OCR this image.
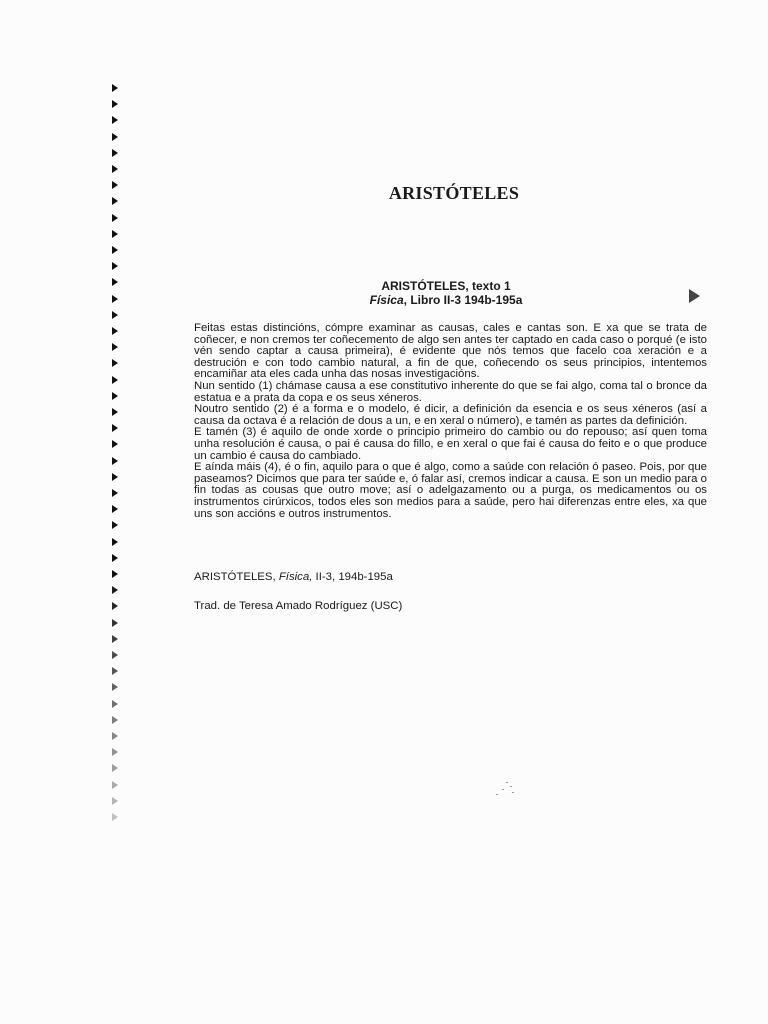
ARISTÓTELES
ARISTÓTELES, texto 1
Física, Libro II-3 194b-195a

Feitas estas distincións, cómpre examinar as causas, cales e cantas son. E xa que se trata de coñecer, e non cremos ter coñecemento de algo sen antes ter captado en cada caso o porqué (e isto vén sendo captar a causa primeira), é evidente que nós temos que facelo coa xeración e a destrución e con todo cambio natural, a fin de que, coñecendo os seus principios, intentemos encamiñar ata eles cada unha das nosas investigacións.

Nun sentido (1) chámase causa a ese constitutivo inherente do que se fai algo, coma tal o bronce da estatua e a prata da copa e os seus xéneros.

Noutro sentido (2) é a forma e o modelo, é dicir, a definición da esencia e os seus xéneros (así a causa da octava é a relación de dous a un, e en xeral o número), e tamén as partes da definición.

E tamén (3) é aquilo de onde xorde o principio primeiro do cambio ou do repouso; así quen toma unha resolución é causa, o pai é causa do fillo, e en xeral o que fai é causa do feito e o que produce un cambio é causa do cambiado.

E aínda máis (4), é o fin, aquilo para o que é algo, como a saúde con relación ó paseo. Pois, por que paseamos? Dicimos que para ter saúde e, ó falar así, cremos indicar a causa. E son un medio para o fin todas as cousas que outro move; así o adelgazamento ou a purga, os medicamentos ou os instrumentos cirúrxicos, todos eles son medios para a saúde, pero hai diferenzas entre eles, xa que uns son accións e outros instrumentos.

ARISTÓTELES, Física, II-3, 194b-195a
Trad. de Teresa Amado Rodríguez (USC)
